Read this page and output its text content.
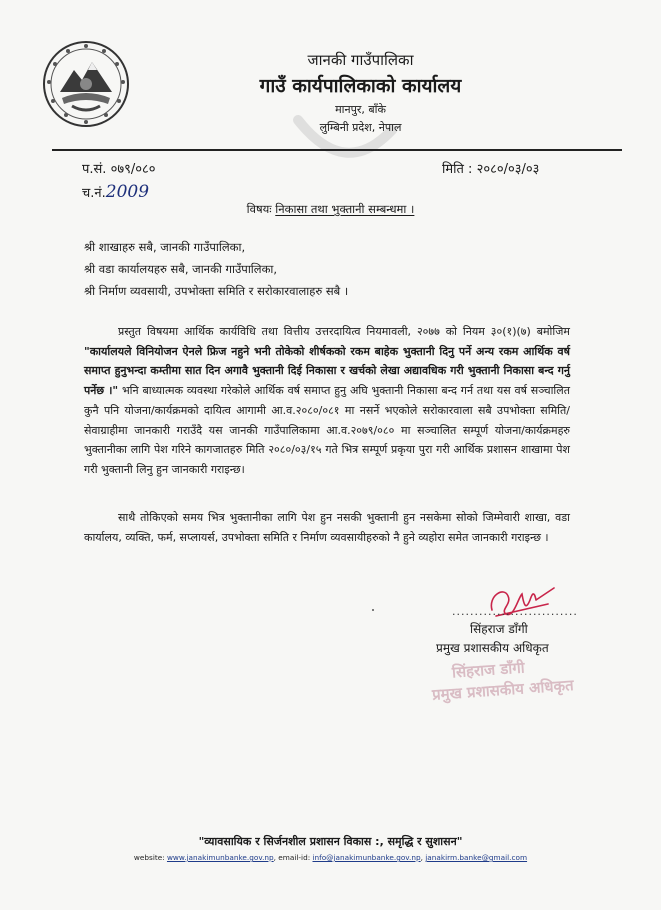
जानकी गाउँपालिका
गाउँ कार्यपालिकाको कार्यालय
मानपुर, बाँके
लुम्बिनी प्रदेश, नेपाल
प.सं. ०७९/०८०
च.नं.2009
मिति : २०८०/०३/०३
विषयः निकासा तथा भुक्तानी सम्बन्धमा ।
श्री शाखाहरु सबै, जानकी गाउँपालिका,
श्री वडा कार्यालयहरु सबै, जानकी गाउँपालिका,
श्री निर्माण व्यवसायी, उपभोक्ता समिति र सरोकारवालाहरु सबै ।
प्रस्तुत विषयमा आर्थिक कार्यविधि तथा वित्तीय उत्तरदायित्व नियमावली, २०७७ को नियम ३०(१)(७) बमोजिम "कार्यालयले विनियोजन ऐनले फ्रिज नहुने भनी तोकेको शीर्षकको रकम बाहेक भुक्तानी दिनु पर्ने अन्य रकम आर्थिक वर्ष समाप्त हुनुभन्दा कम्तीमा सात दिन अगावै भुक्तानी दिई निकासा र खर्चको लेखा अद्यावधिक गरी भुक्तानी निकासा बन्द गर्नु पर्नेछ ।" भनि बाध्यात्मक व्यवस्था गरेकोले आर्थिक वर्ष समाप्त हुनु अघि भुक्तानी निकासा बन्द गर्न तथा यस वर्ष सञ्चालित कुनै पनि योजना/कार्यक्रमको दायित्व आगामी आ.व.२०८०/०८१ मा नसर्ने भएकोले सरोकारवाला सबै उपभोक्ता समिति/सेवाग्राहीमा जानकारी गराउँदै यस जानकी गाउँपालिकामा आ.व.२०७९/०८० मा सञ्चालित सम्पूर्ण योजना/कार्यक्रमहरु भुक्तानीका लागि पेश गरिने कागजातहरु मिति २०८०/०३/१५ गते भित्र सम्पूर्ण प्रकृया पुरा गरी आर्थिक प्रशासन शाखामा पेश गरी भुक्तानी लिनु हुन जानकारी गराइन्छ।
साथै तोकिएको समय भित्र भुक्तानीका लागि पेश हुन नसकी भुक्तानी हुन नसकेमा सोको जिम्मेवारी शाखा, वडा कार्यालय, व्यक्ति, फर्म, सप्लायर्स, उपभोक्ता समिति र निर्माण व्यवसायीहरुको नै हुने व्यहोरा समेत जानकारी गराइन्छ ।
............................
सिंहराज डाँगी
प्रमुख प्रशासकीय अधिकृत
सिंहराज डाँगी
प्रमुख प्रशासकीय अधिकृत
"व्यावसायिक र सिर्जनशील प्रशासन विकास :, समृद्धि र सुशासन"
website: www.janakimunbanke.gov.np, email-id: info@janakimunbanke.gov.np, janakirm.banke@gmail.com
